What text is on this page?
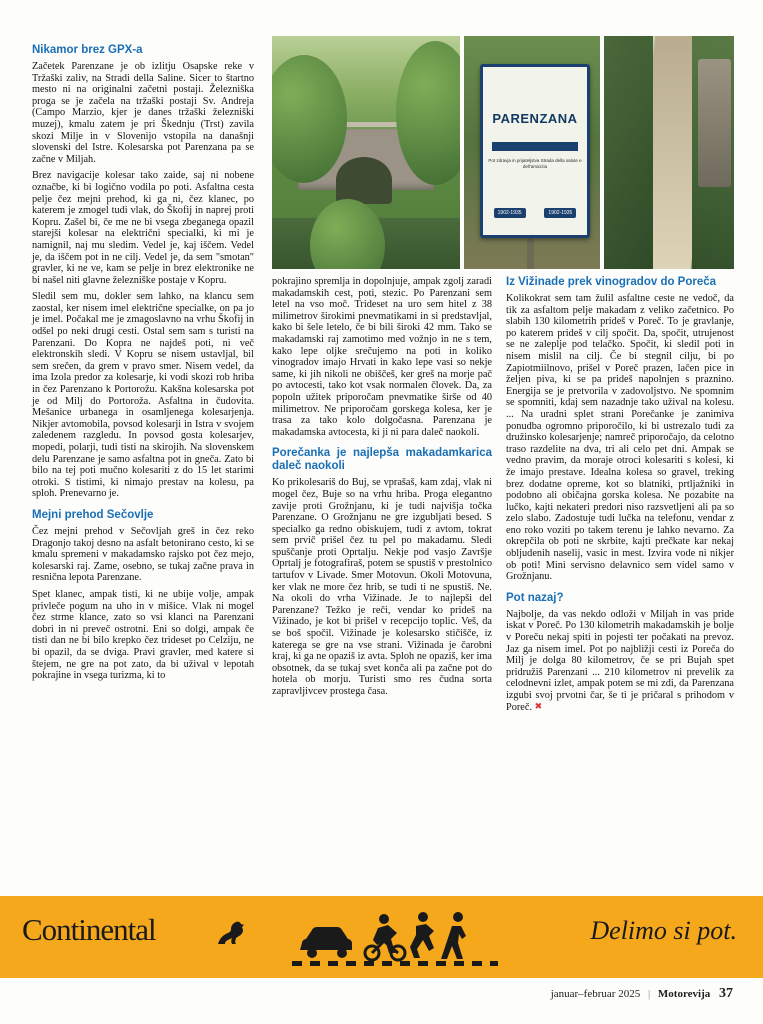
PARENZANA
Pot zdravja in prijateljstva Strada della salute e dell'amicizia
1902-1935	1902-1935
Nikamor brez GPX-a

Začetek Parenzane je ob izlitju Osapske reke v Tržaški zaliv, na Stradi della Saline. Sicer to štartno mesto ni na originalni začetni postaji. Železniška proga se je začela na tržaški postaji Sv. Andreja (Campo Marzio, kjer je danes tržaški železniški muzej), kmalu zatem je pri Škednju (Trst) zavila skozi Milje in v Slovenijo vstopila na današnji slovenski del Istre. Kolesarska pot Parenzana pa se začne v Miljah.

Brez navigacije kolesar tako zaide, saj ni nobene označbe, ki bi logično vodila po poti. Asfaltna cesta pelje čez mejni prehod, ki ga ni, čez klanec, po katerem je zmogel tudi vlak, do Škofij in naprej proti Kopru. Zašel bi, če me ne bi vsega zbeganega opazil starejši kolesar na električni specialki, ki mi je namignil, naj mu sledim. Vedel je, kaj iščem. Vedel je, da iščem pot in ne cilj. Vedel je, da sem "smotan" gravler, ki ne ve, kam se pelje in brez elektronike ne bi našel niti glavne železniške postaje v Kopru.

Sledil sem mu, dokler sem lahko, na klancu sem zaostal, ker nisem imel električne specialke, on pa jo je imel. Počakal me je zmagoslavno na vrhu Škofij in odšel po neki drugi cesti. Ostal sem sam s turisti na Parenzani. Do Kopra ne najdeš poti, ni več elektronskih sledi. V Kopru se nisem ustavljal, bil sem srečen, da grem v pravo smer. Nisem vedel, da ima Izola predor za kolesarje, ki vodi skozi rob hriba in čez Parenzano k Portorožu. Kakšna kolesarska pot je od Milj do Portoroža. Asfaltna in čudovita. Mešanice urbanega in osamljenega kolesarjenja. Nikjer avtomobila, povsod kolesarji in Istra v svojem zaledenem razgledu. In povsod gosta kolesarjev, mopedi, polarji, tudi tisti na skirojih. Na slovenskem delu Parenzane je samo asfaltna pot in gneča. Zato bi bilo na tej poti mučno kolesariti z do 15 let starimi otroki. S tistimi, ki nimajo prestav na kolesu, pa sploh. Prenevarno je.

Mejni prehod Sečovlje

Čez mejni prehod v Sečovljah greš in čez reko Dragonjo takoj desno na asfalt betonirano cesto, ki se kmalu spremeni v makadamsko rajsko pot čez mejo, kolesarski raj. Zame, osebno, se tukaj začne prava in resnična lepota Parenzane.

Spet klanec, ampak tisti, ki ne ubije volje, ampak privleče pogum na uho in v mišice. Vlak ni mogel čez strme klance, zato so vsi klanci na Parenzani dobri in ni preveč ostrotni. Eni so dolgi, ampak če tisti dan ne bi bilo krepko čez trideset po Celziju, ne bi opazil, da se dviga. Pravi gravler, med katere si štejem, ne gre na pot zato, da bi užival v lepotah pokrajine in vsega turizma, ki to

pokrajino spremlja in dopolnjuje, ampak zgolj zaradi makadamskih cest, poti, stezic. Po Parenzani sem letel na vso moč. Trideset na uro sem hitel z 38 milimetrov širokimi pnevmatikami in si predstavljal, kako bi šele letelo, če bi bili široki 42 mm. Tako se makadamski raj zamotimo med vožnjo in ne s tem, kako lepe oljke srečujemo na poti in koliko vinogradov imajo Hrvati in kako lepe vasi so nekje same, ki jih nikoli ne obiščeš, ker greš na morje pač po avtocesti, tako kot vsak normalen človek. Da, za popoln užitek priporočam pnevmatike širše od 40 milimetrov. Ne priporočam gorskega kolesa, ker je trasa za tako kolo dolgočasna. Parenzana je makadamska avtocesta, ki ji ni para daleč naokoli.

Porečanka je najlepša makadamkarica daleč naokoli

Ko prikolesariš do Buj, se vprašaš, kam zdaj, vlak ni mogel čez, Buje so na vrhu hriba. Proga elegantno zavije proti Grožnjanu, ki je tudi najvišja točka Parenzane. O Grožnjanu ne gre izgubljati besed. S specialko ga redno obiskujem, tudi z avtom, tokrat sem prvič prišel čez tu pel po makadamu. Sledi spuščanje proti Oprtalju. Nekje pod vasjo Završje Oprtalj je fotografiraš, potem se spustiš v prestolnico tartufov v Livade. Smer Motovun. Okoli Motovuna, ker vlak ne more čez hrib, se tudi ti ne spustiš. Ne. Na okoli do vrha Vižinade. Je to najlepši del Parenzane? Težko je reči, vendar ko prideš na Vižinado, je kot bi prišel v recepcijo toplic. Veš, da se boš spočil. Vižinade je kolesarsko stičišče, iz katerega se gre na vse strani. Vižinada je čarobni kraj, ki ga ne opaziš iz avta. Sploh ne opaziš, ker ima obsotnek, da se tukaj svet konča ali pa začne pot do hotela ob morju. Turisti smo res čudna sorta zapravljivcev prostega časa.

Iz Vižinade prek vinogradov do Poreča

Kolikokrat sem tam žulil asfaltne ceste ne vedoč, da tik za asfaltom pelje makadam z veliko začetnico. Po slabih 130 kilometrih prideš v Poreč. To je gravlanje, po katerem prideš v cilj spočit. Da, spočit, utrujenost se ne zaleplje pod telačko. Spočit, ki sledil poti in nisem mislil na cilj. Če bi stegnil cilju, bi po Zapiotmiilnovo, prišel v Poreč prazen, lačen pice in željen piva, ki se pa prideš napolnjen s praznino. Energija se je pretvorila v zadovoljstvo. Ne spomnim se spomniti, kdaj sem nazadnje tako užival na kolesu. ... Na uradni splet strani Porečanke je zanimiva ponudba ogromno priporočilo, ki bi ustrezalo tudi za družinsko kolesarjenje; namreč priporočajo, da celotno traso razdelite na dva, tri ali celo pet dni. Ampak se vedno pravim, da moraje otroci kolesariti s kolesi, ki že imajo prestave. Idealna kolesa so gravel, treking brez dodatne opreme, kot so blatniki, prtljažniki in podobno ali običajna gorska kolesa. Ne pozabite na lučko, kajti nekateri predori niso razsvetljeni ali pa so zelo slabo. Zadostuje tudi lučka na telefonu, vendar z eno roko voziti po takem terenu je lahko nevarno. Za okrepčila ob poti ne skrbite, kajti prečkate kar nekaj obljudenih naselij, vasic in mest. Izvira vode ni nikjer ob poti! Mini servisno delavnico sem videl samo v Grožnjanu.

Pot nazaj?

Najbolje, da vas nekdo odloži v Miljah in vas pride iskat v Poreč. Po 130 kilometrih makadamskih je bolje v Poreču nekaj spiti in pojesti ter počakati na prevoz. Jaz ga nisem imel. Pot po najbližji cesti iz Poreča do Milj je dolga 80 kilometrov, če se pri Bujah spet pridružiš Parenzani ... 210 kilometrov ni prevelik za celodnevni izlet, ampak potem se mi zdi, da Parenzana izgubi svoj prvotni čar, še ti je pričaral s prihodom v Poreč. ✖

Continental	Delimo si pot.
januar–februar 2025 | Motorevija 37
